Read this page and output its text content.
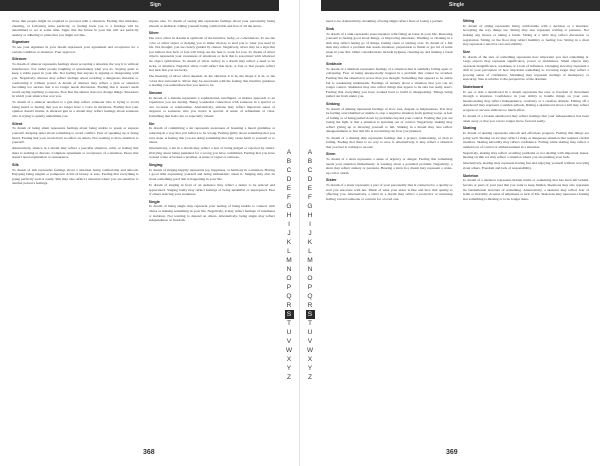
Sign

those that people might be required to proceed with a situation. Feeling that mistakes, cheating, or following rules perfectly, or feeling back you to a fundage will be determined to act at some time. Signs that the future in your life will are perfectly anxiety or adhering to plans that you might not like.

Signature

To see your signature in your dream represents your agreement and acceptance for a certain condition or situation. Your approval.

Silencer

To dream of silencer represents feelings about accepting a situation the way it is without interference. Not rather people laughing or questioning what you do. Staying quiet to keep a stable peace in your life. Not feeling that anyone is arguing or disagreeing with you. Negatively, silencer may reflect feelings about avoiding a dangerous situation or confronting it without power. A dream of silencer may reflect a plan or situation becoming too serious that it no longer needs discussion. Feeling that it doesn't seem worth saying anything to anyone. Fear that the silence does not change things. Situations in which your silence has cost you.

To dream of a silencer attached to a gun may reflect someone who is trying to avoid being heard or feeling that you no longer have a voice in decisions. Feeling that your opinion doesn't matter. A silenced gun in a dream may reflect feelings about someone who is trying to quietly undermine you.

Silent

To dream of being silent represents feelings about being unable to speak or express yourself. Keeping quiet about something to avoid conflict. Fear of speaking up or being heard. Feeling that your words have no effect on others. Not wanting to draw attention to yourself.

Alternatively, silence in a dream may reflect a peaceful situation, calm, or feeling that there is nothing to discuss. Complete agreement or acceptance of a situation. Peace that doesn't need explanation or reassurance.

Silk

To dream of silk represents feelings about a situation being comfortable and smooth. Enjoying being elegant or pampered. A life of luxury or ease. Feeling that everything is going perfectly well or easily. Silk may also reflect a situation where you are sensitive to another person's feelings.

anyone else. To dream of seeing silk represents feelings about your personality being smooth or laidback. Liking yourself being comfortable and free of all the stress.

Silver

The color silver in dreams is symbolic of the intuitive, lucky, or coincidences. To see the color or silver object or helping you to make choices to lead you to what you need in life. Not thought, you are clearly guided by chance. Negatively, silver may be a sign that you believe that luck or fate will bring out the best to work for you. To dream of silver objects represents your awareness of situations or luck that is associated with whatever the object symbolizes. To dream of silver cutlery in a dream may reflect a need to be lucky, or intuitive. Negative silver could reflect that luck, or fate or that people reflect that luck that you are lucky.

The meaning of silver often depends on the situation it is in, the shape it is in, or the colors that surround it. Silver may be associated with the feeling that intuitive guidance is leading you somewhere that you need to be.

Simone

To dream of a simone represents a sophisticated, intelligent, or mature approach to an experience you are having. Being wonderful connection with someone in a special or rare occasion or relationship. Alternatively, simone may reflect important sense of elegance or someone who you notice is special. A sense of refinement or class. Something that feels rare or especially valued.

Sin

To dream of committing a sin represents awareness of breaking a moral guideline or behaving in a way that you believe to be wrong. Feeling guilty about something that you have done. A feeling that you are doing something that may cause harm to yourself or to others.

Alternatively, a sin in a dream may reflect a fear of being judged or rejected by others. Worrying about being punished for a wrong you have committed. Feeling that you have crossed a line or broken a promise. A sense of regret or remorse.

Singing

To dream of singing happily represents joy, happiness, or harmony in a situation. Having a good time expressing yourself and being enthusiastic about it. Singing may also be about something good that is happening in your life.

To dream of singing in front of an audience may reflect a desire to be noticed and appreciated. Singing badly may reflect feelings of being unskillful or unprepared. Fear of others noticing your weakness.

Single

To dream of being single may represent your feeling of being unable to connect with others or missing something in your life. Negatively, it may reflect feelings of loneliness or isolation. Not wanting to depend on others. Alternatively, being single may reflect independence or freedom.

A
B
C
D
E
F
G
H
I
J
K
L
M
N
O
P
Q
R
S
T
U
V
W
X
Y
Z
368
Single

need to be. Alternatively, dreaming of being single reflect fears of losing a partner.

Sink

To dream of a sink represents preoccupation with fixing an issue in your life. Restoring yourself to feeling good about things, or improving situations. Washing or cleaning in a sink may reflect letting go of things, feeling clean or starting over. To dream of a full sink may reflect a problem that needs attention, preparation to finish or get rid of some issue in your life. Other considerations include hygiene, cleaning up and making a fresh start.

Sinkhole

To dream of a sinkhole represents feelings of a situation that is suddenly falling apart or collapsing. Fear of being unexpectedly trapped in a problem that cannot be avoided. Feeling that the situation is worse than you thought. Something that appears to be stable but is weakening underneath. Feelings of anxiety about a situation that you can no longer control. Sinkholes may also reflect things that appear to be safe but really aren't. Feeling that everything you have worked hard to build is disappearing. Things being pulled out from under you.

Sinking

To dream of sinking represents feelings of slow loss, despair or helplessness. You may be feeling overwhelmed or unable to stop a negative situation from getting worse. A fear of failing or of being pulled down by problems beyond your control. Feeling that you are losing the fight or that a situation is spiraling out of control. Negatively, sinking may reflect giving up or allowing yourself to fail. Sinking in a dream may also reflect disappointment or fear that life is not turning out how you planned.

To dream of a sinking ship represents feelings that a project, relationship, or plan is failing. Feeling that there is no way to save it. Alternatively, it may reflect a situation that you feel is coming to an end.

Siren

To dream of a siren represents a sense of urgency or danger. Feeling that something needs your attention immediately. A warning about a potential problem. Negatively, a siren may reflect anxiety or paranoia. Hearing a siren in a dream may represent a wake-up call or alarm.

Sister

To dream of a sister represents a part of your personality that is connected to a quality or trait you associate with her. Think of what your sister is like and how that quality is affecting you. Alternatively, a sister in a dream may reflect a protective or nurturing feeling toward someone or concern for a loved one.

Sitting

To dream of sitting represents being comfortable with a decision or a situation. Accepting the way things are. Sitting may also represent waiting or patience. Not making any moves or taking a break. Sitting at a table may reflect discussion or negotiation. Sitting on the floor may reflect humility or feeling low. Sitting in a chair may represent a need for rest and stability.

Size

To dream of the size of something represents how important you feel something is. Large objects may represent significance, power or dominance. Small objects may represent insignificance, weakness or a lack of influence. Changing size may represent a shift in your perception of how important something is. Growing larger may reflect a growing sense of confidence. Shrinking may represent feelings of inadequacy or insecurity. Size is relative to the perspective of the dreamer.

Skateboard

To see or ride a skateboard in a dream represents the ease or freedom of movement through a situation. Confidence in your ability to handle things on your own. Skateboarding may reflect independence, creativity or a carefree attitude. Falling off a skateboard may represent a sudden setback. Riding a skateboard down a hill may reflect progress or success without too much effort.

To dream of a broken skateboard may reflect feelings that your independence has been taken away or that you can no longer move forward easily.

Skating

To dream of skating represents smooth and effortless progress. Feeling that things are going well. Skating on ice may reflect a risky or dangerous situation that requires careful attention. Skating smoothly may reflect confidence. Falling while skating may reflect a sudden loss of control or embarrassment in a situation.

Negatively, skating may reflect avoiding problems or not dealing with important issues. Skating on thin ice may reflect a situation where you are pushing your luck.

Alternatively, skating may represent having fun and enjoying yourself without worrying about others. Freedom and lack of responsibility.

Skeleton

To dream of a skeleton represents hidden truths or something that has been left behind. Secrets or parts of your past that you want to keep hidden. Skeletons may also represent the fundamental structure of something. Alternatively, a skeleton may reflect fear of death or mortality. A sense of emptiness or lack of life. Skeletons may represent a feeling that something is missing or is no longer there.

A
B
C
D
E
F
G
H
I
J
K
L
M
N
O
P
Q
R
S
T
U
V
W
X
Y
Z
369
